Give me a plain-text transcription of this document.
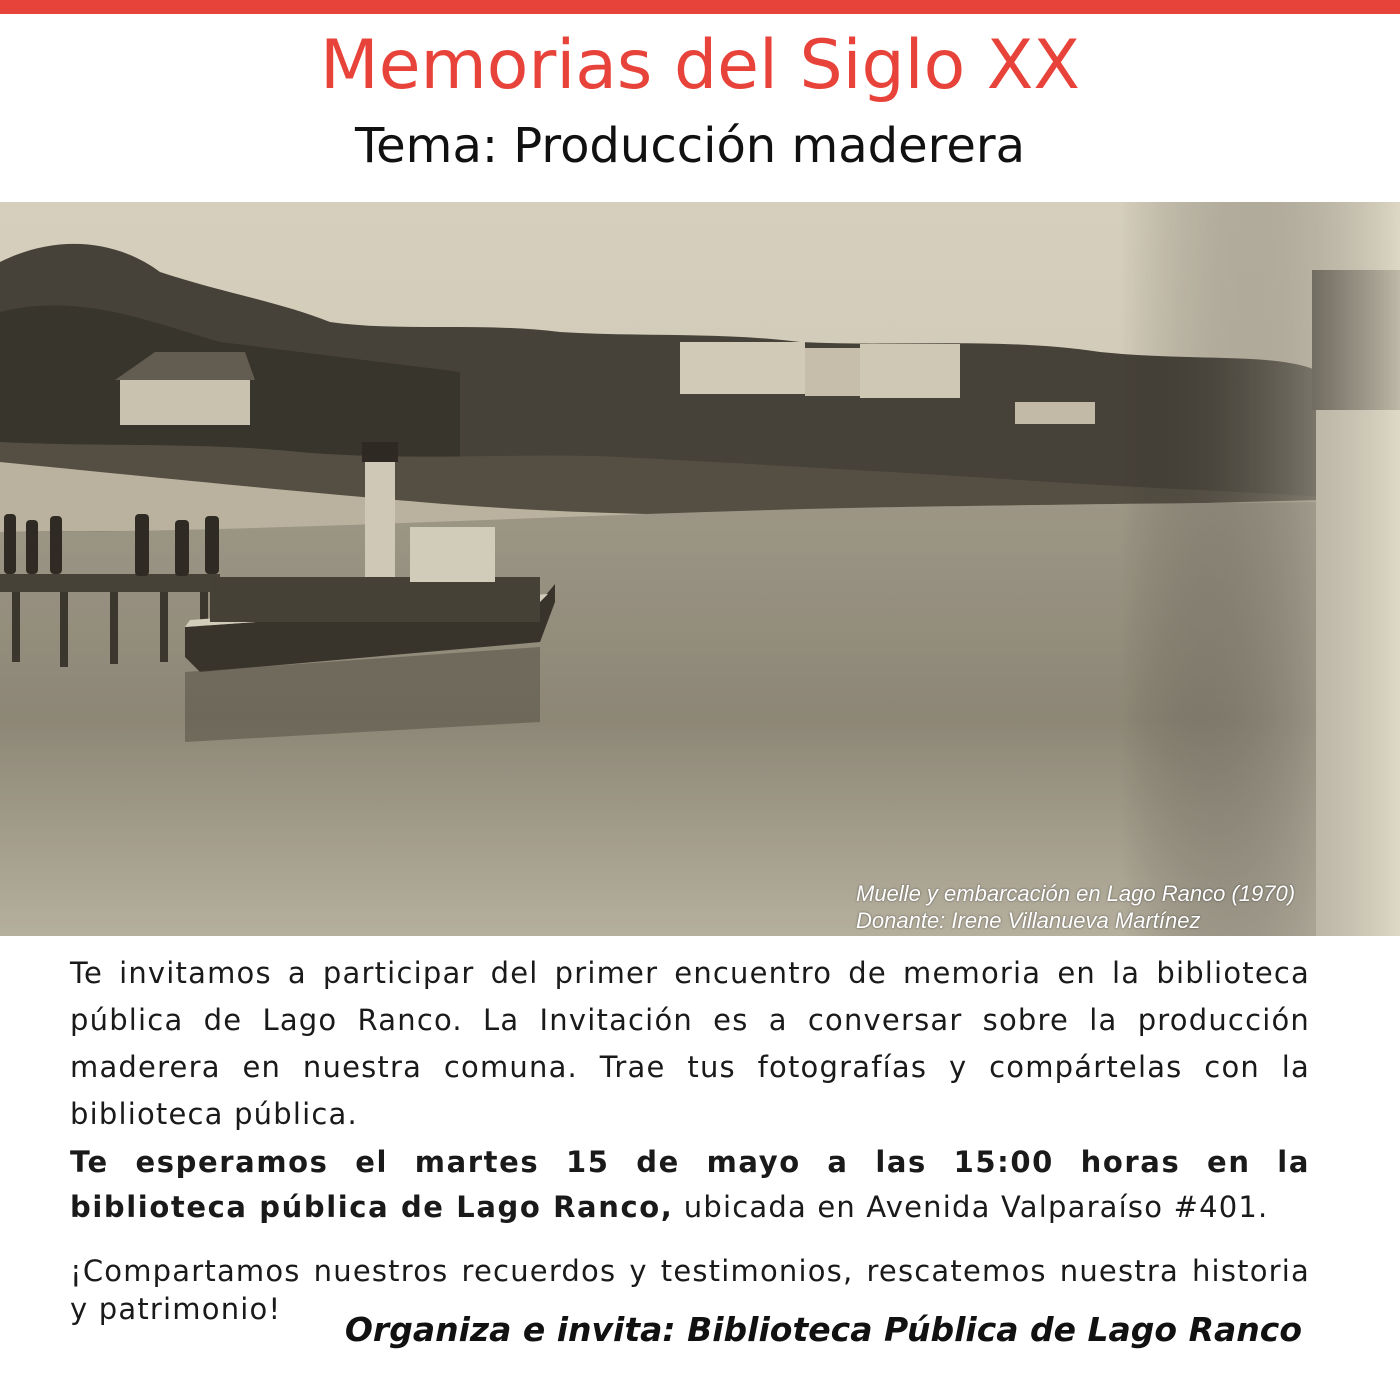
Memorias del Siglo XX
Tema: Producción maderera
Muelle y embarcación en Lago Ranco (1970)
Donante: Irene Villanueva Martínez

Te invitamos a participar del primer encuentro de memoria en la biblioteca pública de Lago Ranco. La Invitación es a conversar sobre la producción maderera en nuestra comuna. Trae tus fotografías y compártelas con la biblioteca pública.

Te esperamos el martes 15 de mayo a las 15:00 horas en la biblioteca pública de Lago Ranco, ubicada en Avenida Valparaíso #401.

¡Compartamos nuestros recuerdos y testimonios, rescatemos nuestra historia y patrimonio!

Organiza e invita: Biblioteca Pública de Lago Ranco
